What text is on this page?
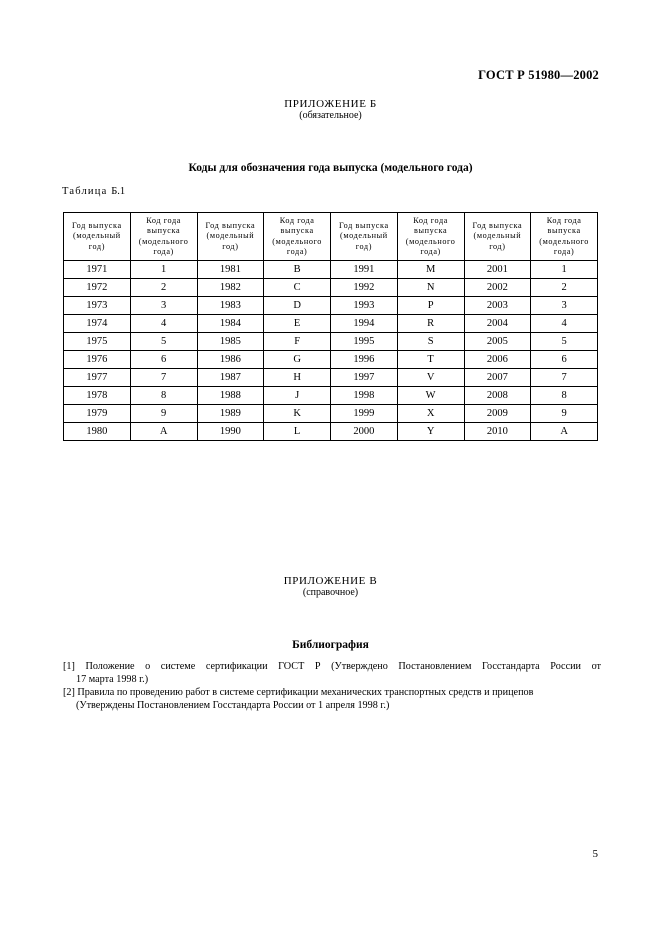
ГОСТ Р 51980—2002
ПРИЛОЖЕНИЕ Б
(обязательное)
Коды для обозначения года выпуска (модельного года)
Таблица Б.1
Год выпуска (модельный год)	Код года выпуска (модельного года)	Год выпуска (модельный год)	Код года выпуска (модельного года)	Год выпуска (модельный год)	Код года выпуска (модельного года)	Год выпуска (модельный год)	Код года выпуска (модельного года)
1971	1	1981	B	1991	M	2001	1
1972	2	1982	C	1992	N	2002	2
1973	3	1983	D	1993	P	2003	3
1974	4	1984	E	1994	R	2004	4
1975	5	1985	F	1995	S	2005	5
1976	6	1986	G	1996	T	2006	6
1977	7	1987	H	1997	V	2007	7
1978	8	1988	J	1998	W	2008	8
1979	9	1989	K	1999	X	2009	9
1980	A	1990	L	2000	Y	2010	A
ПРИЛОЖЕНИЕ В
(справочное)
Библиография
[1] Положение о системе сертификации ГОСТ Р (Утверждено Постановлением Госстандарта России от
17 марта 1998 г.)
[2] Правила по проведению работ в системе сертификации механических транспортных средств и прицепов
(Утверждены Постановлением Госстандарта России от 1 апреля 1998 г.)
5
